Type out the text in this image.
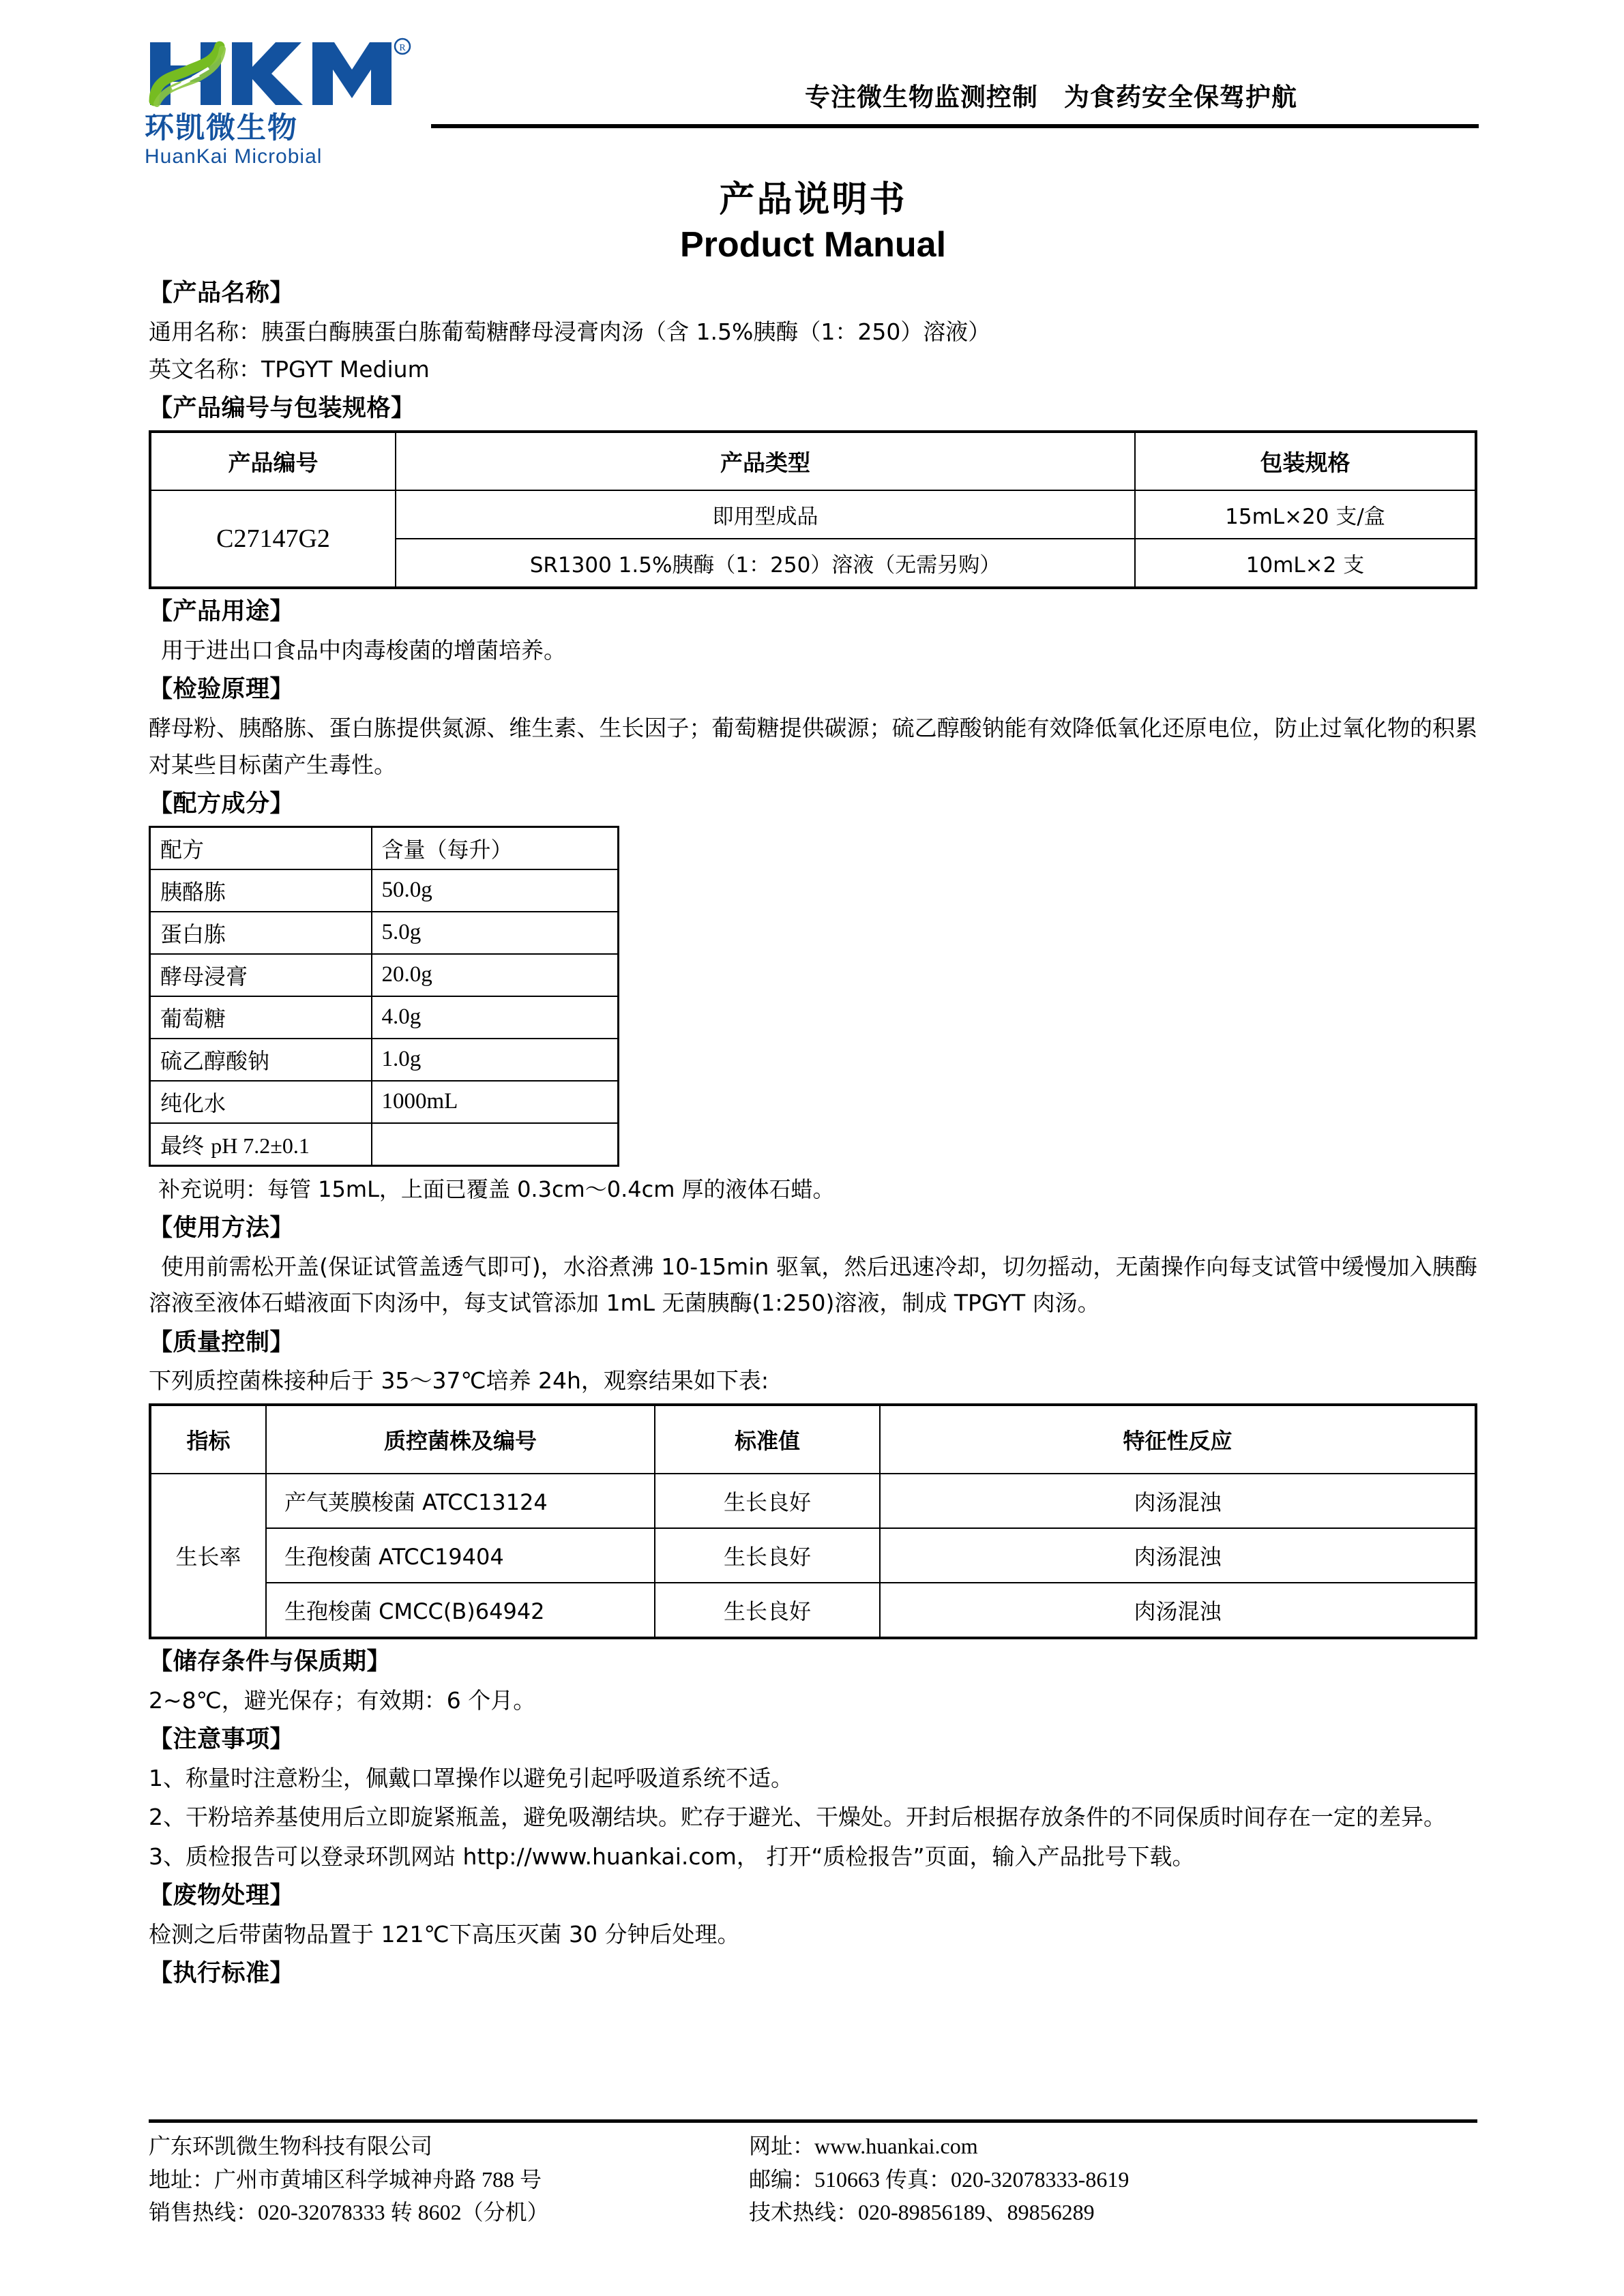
R
环凯微生物
HuanKai Microbial
专注微生物监测控制　为食药安全保驾护航
产品说明书
Product Manual
【产品名称】
通用名称：胰蛋白酶胰蛋白胨葡萄糖酵母浸膏肉汤（含 1.5%胰酶（1：250）溶液）
英文名称：TPGYT Medium
【产品编号与包装规格】
产品编号	产品类型	包装规格
C27147G2	即用型成品	15mL×20 支/盒
	SR1300 1.5%胰酶（1：250）溶液（无需另购）	10mL×2 支
【产品用途】
用于进出口食品中肉毒梭菌的增菌培养。
【检验原理】
酵母粉、胰酪胨、蛋白胨提供氮源、维生素、生长因子；葡萄糖提供碳源；硫乙醇酸钠能有效降低氧化还原电位，防止过氧化物的积累对某些目标菌产生毒性。
【配方成分】
配方	含量（每升）
胰酪胨	50.0g
蛋白胨	5.0g
酵母浸膏	20.0g
葡萄糖	4.0g
硫乙醇酸钠	1.0g
纯化水	1000mL
最终 pH 7.2±0.1	
补充说明：每管 15mL，上面已覆盖 0.3cm～0.4cm 厚的液体石蜡。
【使用方法】
使用前需松开盖(保证试管盖透气即可)，水浴煮沸 10-15min 驱氧，然后迅速冷却，切勿摇动，无菌操作向每支试管中缓慢加入胰酶溶液至液体石蜡液面下肉汤中，每支试管添加 1mL 无菌胰酶(1:250)溶液，制成 TPGYT 肉汤。
【质量控制】
下列质控菌株接种后于 35～37℃培养 24h，观察结果如下表:
指标	质控菌株及编号	标准值	特征性反应
生长率	产气荚膜梭菌 ATCC13124	生长良好	肉汤混浊
	生孢梭菌 ATCC19404	生长良好	肉汤混浊
	生孢梭菌 CMCC(B)64942	生长良好	肉汤混浊
【储存条件与保质期】
2~8℃，避光保存；有效期：6 个月。
【注意事项】
1、称量时注意粉尘，佩戴口罩操作以避免引起呼吸道系统不适。
2、干粉培养基使用后立即旋紧瓶盖，避免吸潮结块。贮存于避光、干燥处。开封后根据存放条件的不同保质时间存在一定的差异。
3、质检报告可以登录环凯网站 http://www.huankai.com， 打开“质检报告”页面，输入产品批号下载。
【废物处理】
检测之后带菌物品置于 121℃下高压灭菌 30 分钟后处理。
【执行标准】
广东环凯微生物科技有限公司
地址：广州市黄埔区科学城神舟路 788 号
销售热线：020-32078333 转 8602（分机）
网址：www.huankai.com
邮编：510663 传真：020-32078333-8619
技术热线：020-89856189、89856289
